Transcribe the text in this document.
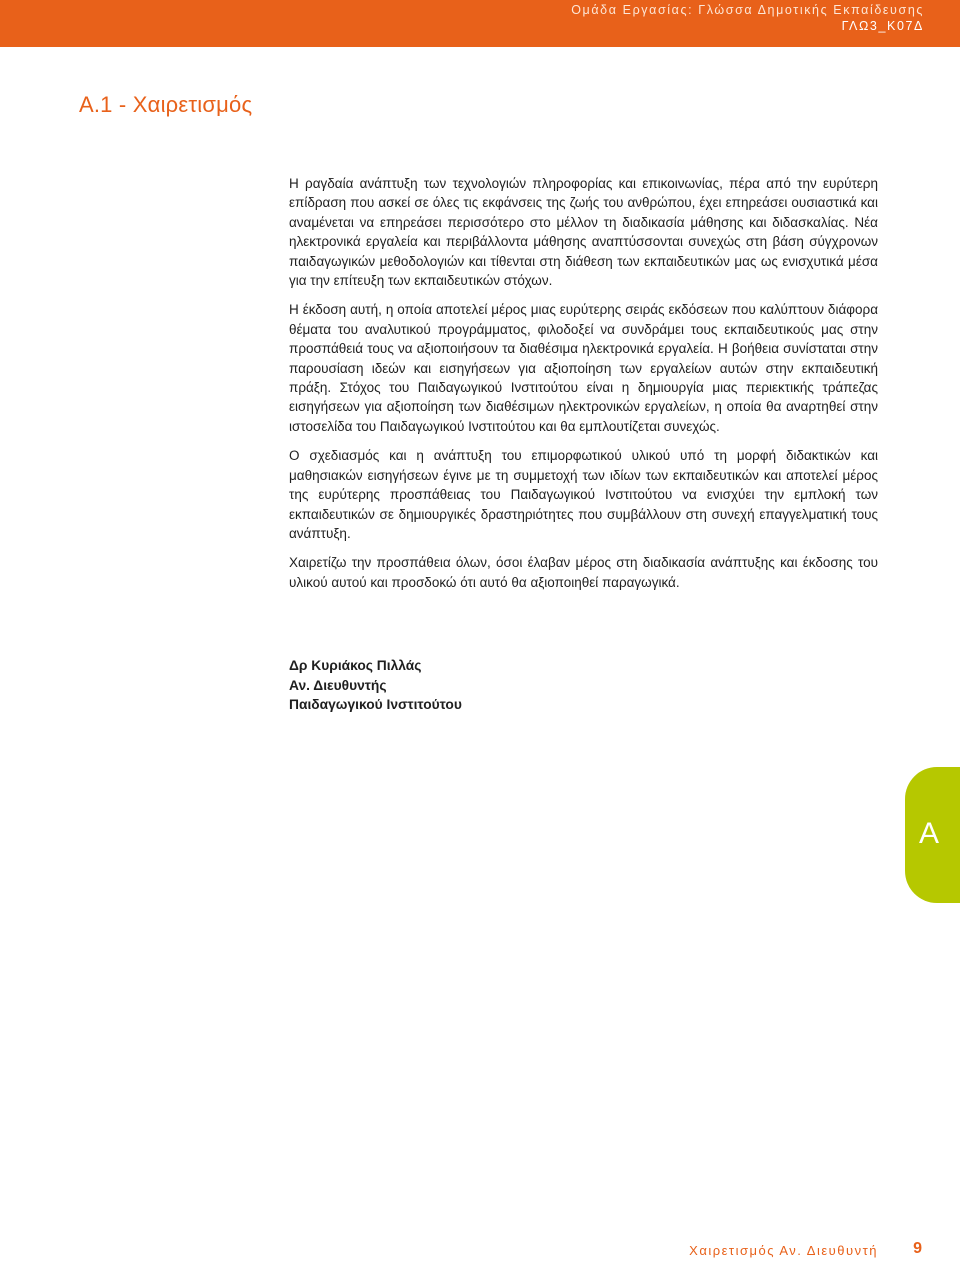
Ομάδα Εργασίας: Γλώσσα Δημοτικής Εκπαίδευσης
ΓΛΩ3_Κ07Δ
Α.1 - Χαιρετισμός

Η ραγδαία ανάπτυξη των τεχνολογιών πληροφορίας και επικοινωνίας, πέρα από την ευρύτερη επίδραση που ασκεί σε όλες τις εκφάνσεις της ζωής του ανθρώπου, έχει επηρεάσει ουσιαστικά και αναμένεται να επηρεάσει περισσότερο στο μέλλον τη διαδικασία μάθησης και διδασκαλίας. Νέα ηλεκτρονικά εργαλεία και περιβάλλοντα μάθησης αναπτύσσονται συνεχώς στη βάση σύγχρονων παιδαγωγικών μεθοδολογιών και τίθενται στη διάθεση των εκπαιδευτικών μας ως ενισχυτικά μέσα για την επίτευξη των εκπαιδευτικών στόχων.

Η έκδοση αυτή, η οποία αποτελεί μέρος μιας ευρύτερης σειράς εκδόσεων που καλύπτουν διάφορα θέματα του αναλυτικού προγράμματος, φιλοδοξεί να συνδράμει τους εκπαιδευτικούς μας στην προσπάθειά τους να αξιοποιήσουν τα διαθέσιμα ηλεκτρονικά εργαλεία. Η βοήθεια συνίσταται στην παρουσίαση ιδεών και εισηγήσεων για αξιοποίηση των εργαλείων αυτών στην εκπαιδευτική πράξη. Στόχος του Παιδαγωγικού Ινστιτούτου είναι η δημιουργία μιας περιεκτικής τράπεζας εισηγήσεων για αξιοποίηση των διαθέσιμων ηλεκτρονικών εργαλείων, η οποία θα αναρτηθεί στην ιστοσελίδα του Παιδαγωγικού Ινστιτούτου και θα εμπλουτίζεται συνεχώς.

Ο σχεδιασμός και η ανάπτυξη του επιμορφωτικού υλικού υπό τη μορφή διδακτικών και μαθησιακών εισηγήσεων έγινε με τη συμμετοχή των ιδίων των εκπαιδευτικών και αποτελεί μέρος της ευρύτερης προσπάθειας του Παιδαγωγικού Ινστιτούτου να ενισχύει την εμπλοκή των εκπαιδευτικών σε δημιουργικές δραστηριότητες που συμβάλλουν στη συνεχή επαγγελματική τους ανάπτυξη.

Χαιρετίζω την προσπάθεια όλων, όσοι έλαβαν μέρος στη διαδικασία ανάπτυξης και έκδοσης του υλικού αυτού και προσδοκώ ότι αυτό θα αξιοποιηθεί παραγωγικά.

Δρ Κυριάκος Πιλλάς
Αν. Διευθυντής
Παιδαγωγικού Ινστιτούτου
Α
Χαιρετισμός Αν. Διευθυντή 9
